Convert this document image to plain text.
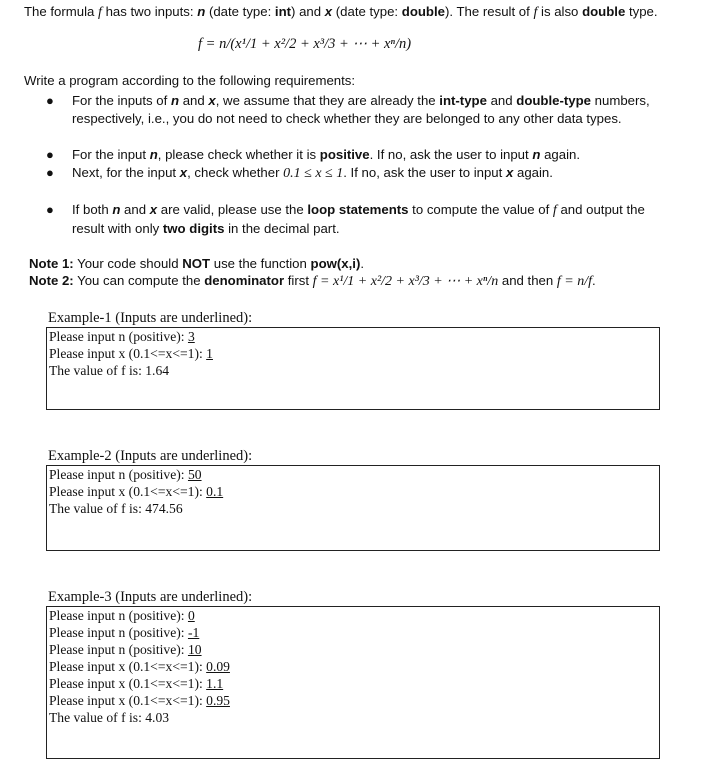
The formula f has two inputs: n (date type: int) and x (date type: double). The result of f is also double type.
f = n/(x¹/1 + x²/2 + x³/3 + ⋯ + xⁿ/n)
Write a program according to the following requirements:
● For the inputs of n and x, we assume that they are already the int-type and double-type numbers, respectively, i.e., you do not need to check whether they are belonged to any other data types.
● For the input n, please check whether it is positive. If no, ask the user to input n again.
● Next, for the input x, check whether 0.1 ≤ x ≤ 1. If no, ask the user to input x again.
● If both n and x are valid, please use the loop statements to compute the value of f and output the result with only two digits in the decimal part.
Note 1: Your code should NOT use the function pow(x,i).
Note 2: You can compute the denominator first f = x¹/1 + x²/2 + x³/3 + ⋯ + xⁿ/n and then f = n/f.
Example-1 (Inputs are underlined):
Please input n (positive): 3
Please input x (0.1<=x<=1): 1
The value of f is: 1.64
Example-2 (Inputs are underlined):
Please input n (positive): 50
Please input x (0.1<=x<=1): 0.1
The value of f is: 474.56
Example-3 (Inputs are underlined):
Please input n (positive): 0
Please input n (positive): -1
Please input n (positive): 10
Please input x (0.1<=x<=1): 0.09
Please input x (0.1<=x<=1): 1.1
Please input x (0.1<=x<=1): 0.95
The value of f is: 4.03
